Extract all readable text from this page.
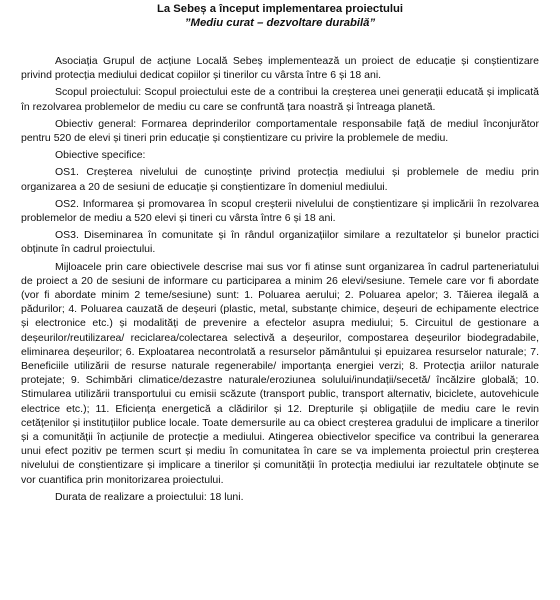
La Sebeș a început implementarea proiectului

”Mediu curat – dezvoltare durabilă”

Asociația Grupul de acțiune Locală Sebeș implementează un proiect de educație și conștientizare privind protecția mediului dedicat copiilor și tinerilor cu vârsta între 6 și 18 ani.

Scopul proiectului: Scopul proiectului este de a contribui la creșterea unei generații educată și implicată în rezolvarea problemelor de mediu cu care se confruntă țara noastră și întreaga planetă.

Obiectiv general: Formarea deprinderilor comportamentale responsabile față de mediul înconjurător pentru 520 de elevi și tineri prin educație și conștientizare cu privire la problemele de mediu.

Obiective specifice:

OS1. Creșterea nivelului de cunoștințe privind protecția mediului și problemele de mediu prin organizarea a 20 de sesiuni de educație și conștientizare în domeniul mediului.

OS2. Informarea și promovarea în scopul creșterii nivelului de conștientizare și implicării în rezolvarea problemelor de mediu a 520 elevi și tineri cu vârsta între 6 și 18 ani.

OS3. Diseminarea în comunitate și în rândul organizațiilor similare a rezultatelor și bunelor practici obținute în cadrul proiectului.

Mijloacele prin care obiectivele descrise mai sus vor fi atinse sunt organizarea în cadrul parteneriatului de proiect a 20 de sesiuni de informare cu participarea a minim 26 elevi/sesiune. Temele care vor fi abordate (vor fi abordate minim 2 teme/sesiune) sunt: 1. Poluarea aerului; 2. Poluarea apelor; 3. Tăierea ilegală a pădurilor; 4. Poluarea cauzată de deșeuri (plastic, metal, substanțe chimice, deșeuri de echipamente electrice și electronice etc.) și modalități de prevenire a efectelor asupra mediului; 5. Circuitul de gestionare a deșeurilor/reutilizarea/ reciclarea/colectarea selectivă a deșeurilor, compostarea deșeurilor biodegradabile, eliminarea deșeurilor; 6. Exploatarea necontrolată a resurselor pământului și epuizarea resurselor naturale; 7. Beneficiile utilizării de resurse naturale regenerabile/ importanța energiei verzi; 8. Protecția ariilor naturale protejate; 9. Schimbări climatice/dezastre naturale/eroziunea solului/inundații/secetă/ încălzire globală; 10. Stimularea utilizării transportului cu emisii scăzute (transport public, transport alternativ, biciclete, autovehicule electrice etc.); 11. Eficiența energetică a clădirilor și 12. Drepturile și obligațiile de mediu care le revin cetățenilor și instituțiilor publice locale. Toate demersurile au ca obiect creșterea gradului de implicare a tinerilor și a comunității în acțiunile de protecție a mediului. Atingerea obiectivelor specifice va contribui la generarea unui efect pozitiv pe termen scurt și mediu în comunitatea în care se va implementa proiectul prin creșterea nivelului de conștientizare și implicare a tinerilor și comunității în protecția mediului iar rezultatele obținute se vor cuantifica prin monitorizarea proiectului.

Durata de realizare a proiectului: 18 luni.
